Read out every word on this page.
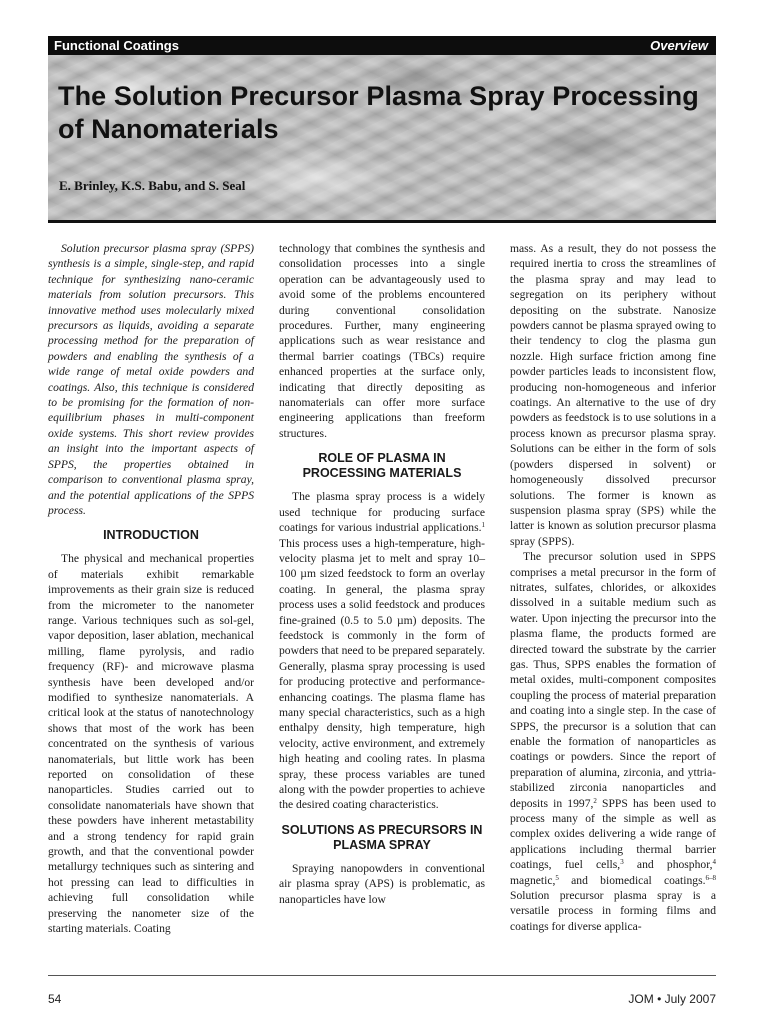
Functional Coatings	Overview
The Solution Precursor Plasma Spray Processing of Nanomaterials
E. Brinley, K.S. Babu, and S. Seal

Solution precursor plasma spray (SPPS) synthesis is a simple, single-step, and rapid technique for synthesizing nano-ceramic materials from solution precursors. This innovative method uses molecularly mixed precursors as liquids, avoiding a separate processing method for the preparation of powders and enabling the synthesis of a wide range of metal oxide powders and coatings. Also, this technique is considered to be promising for the formation of non-equilibrium phases in multi-component oxide systems. This short review provides an insight into the important aspects of SPPS, the properties obtained in comparison to conventional plasma spray, and the potential applications of the SPPS process.

INTRODUCTION

The physical and mechanical properties of materials exhibit remarkable improvements as their grain size is reduced from the micrometer to the nanometer range. Various techniques such as sol-gel, vapor deposition, laser ablation, mechanical milling, flame pyrolysis, and radio frequency (RF)- and microwave plasma synthesis have been developed and/or modified to synthesize nanomaterials. A critical look at the status of nanotechnology shows that most of the work has been concentrated on the synthesis of various nanomaterials, but little work has been reported on consolidation of these nanoparticles. Studies carried out to consolidate nanomaterials have shown that these powders have inherent metastability and a strong tendency for rapid grain growth, and that the conventional powder metallurgy techniques such as sintering and hot pressing can lead to difficulties in achieving full consolidation while preserving the nanometer size of the starting materials. Coating

technology that combines the synthesis and consolidation processes into a single operation can be advantageously used to avoid some of the problems encountered during conventional consolidation procedures. Further, many engineering applications such as wear resistance and thermal barrier coatings (TBCs) require enhanced properties at the surface only, indicating that directly depositing as nanomaterials can offer more surface engineering applications than freeform structures.

ROLE OF PLASMA IN PROCESSING MATERIALS

The plasma spray process is a widely used technique for producing surface coatings for various industrial applications.$^1$ This process uses a high-temperature, high-velocity plasma jet to melt and spray 10–100 µm sized feedstock to form an overlay coating. In general, the plasma spray process uses a solid feedstock and produces fine-grained (0.5 to 5.0 µm) deposits. The feedstock is commonly in the form of powders that need to be prepared separately. Generally, plasma spray processing is used for producing protective and performance-enhancing coatings. The plasma flame has many special characteristics, such as a high enthalpy density, high temperature, high velocity, active environment, and extremely high heating and cooling rates. In plasma spray, these process variables are tuned along with the powder properties to achieve the desired coating characteristics.

SOLUTIONS AS PRECURSORS IN PLASMA SPRAY

Spraying nanopowders in conventional air plasma spray (APS) is problematic, as nanoparticles have low

mass. As a result, they do not possess the required inertia to cross the streamlines of the plasma spray and may lead to segregation on its periphery without depositing on the substrate. Nanosize powders cannot be plasma sprayed owing to their tendency to clog the plasma gun nozzle. High surface friction among fine powder particles leads to inconsistent flow, producing non-homogeneous and inferior coatings. An alternative to the use of dry powders as feedstock is to use solutions in a process known as precursor plasma spray. Solutions can be either in the form of sols (powders dispersed in solvent) or homogeneously dissolved precursor solutions. The former is known as suspension plasma spray (SPS) while the latter is known as solution precursor plasma spray (SPPS).

The precursor solution used in SPPS comprises a metal precursor in the form of nitrates, sulfates, chlorides, or alkoxides dissolved in a suitable medium such as water. Upon injecting the precursor into the plasma flame, the products formed are directed toward the substrate by the carrier gas. Thus, SPPS enables the formation of metal oxides, multi-component composites coupling the process of material preparation and coating into a single step. In the case of SPPS, the precursor is a solution that can enable the formation of nanoparticles as coatings or powders. Since the report of preparation of alumina, zirconia, and yttria-stabilized zirconia nanoparticles and deposits in 1997,$^2$ SPPS has been used to process many of the simple as well as complex oxides delivering a wide range of applications including thermal barrier coatings, fuel cells,$^3$ and phosphor,$^4$ magnetic,$^5$ and biomedical coatings.$^{6-8}$ Solution precursor plasma spray is a versatile process in forming films and coatings for diverse applica-

54	JOM • July 2007
